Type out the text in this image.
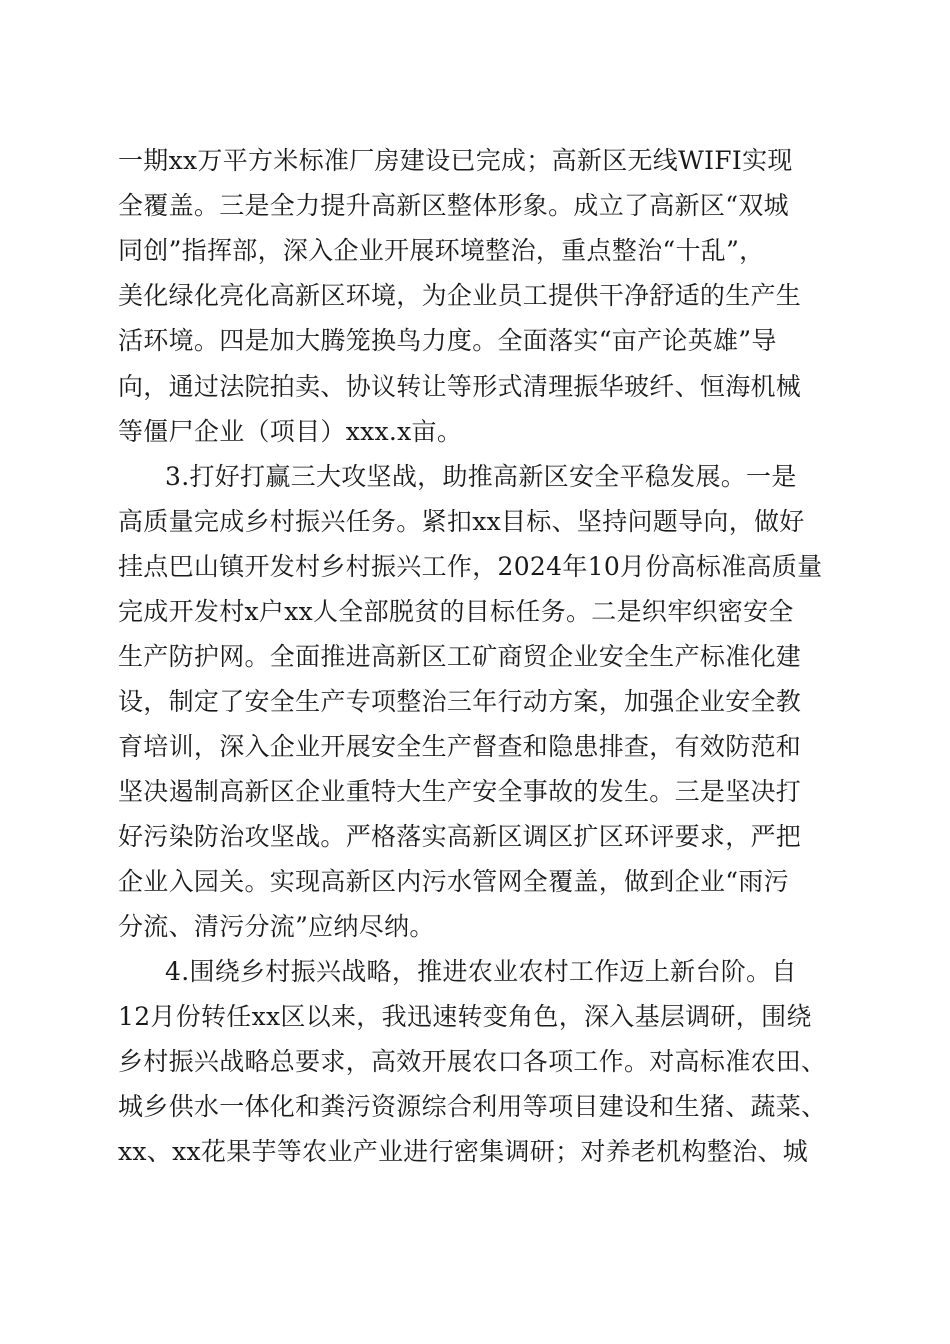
一期xx万平方米标准厂房建设已完成；高新区无线WIFI实现
全覆盖。三是全力提升高新区整体形象。成立了高新区“双城
同创”指挥部，深入企业开展环境整治，重点整治“十乱”，
美化绿化亮化高新区环境，为企业员工提供干净舒适的生产生
活环境。四是加大腾笼换鸟力度。全面落实“亩产论英雄”导
向，通过法院拍卖、协议转让等形式清理振华玻纤、恒海机械
等僵尸企业（项目）xxx.x亩。
3.打好打赢三大攻坚战，助推高新区安全平稳发展。一是
高质量完成乡村振兴任务。紧扣xx目标、坚持问题导向，做好
挂点巴山镇开发村乡村振兴工作，2024年10月份高标准高质量
完成开发村x户xx人全部脱贫的目标任务。二是织牢织密安全
生产防护网。全面推进高新区工矿商贸企业安全生产标准化建
设，制定了安全生产专项整治三年行动方案，加强企业安全教
育培训，深入企业开展安全生产督查和隐患排查，有效防范和
坚决遏制高新区企业重特大生产安全事故的发生。三是坚决打
好污染防治攻坚战。严格落实高新区调区扩区环评要求，严把
企业入园关。实现高新区内污水管网全覆盖，做到企业“雨污
分流、清污分流”应纳尽纳。
4.围绕乡村振兴战略，推进农业农村工作迈上新台阶。自
12月份转任xx区以来，我迅速转变角色，深入基层调研，围绕
乡村振兴战略总要求，高效开展农口各项工作。对高标准农田、
城乡供水一体化和粪污资源综合利用等项目建设和生猪、蔬菜、
xx、xx花果芋等农业产业进行密集调研；对养老机构整治、城
